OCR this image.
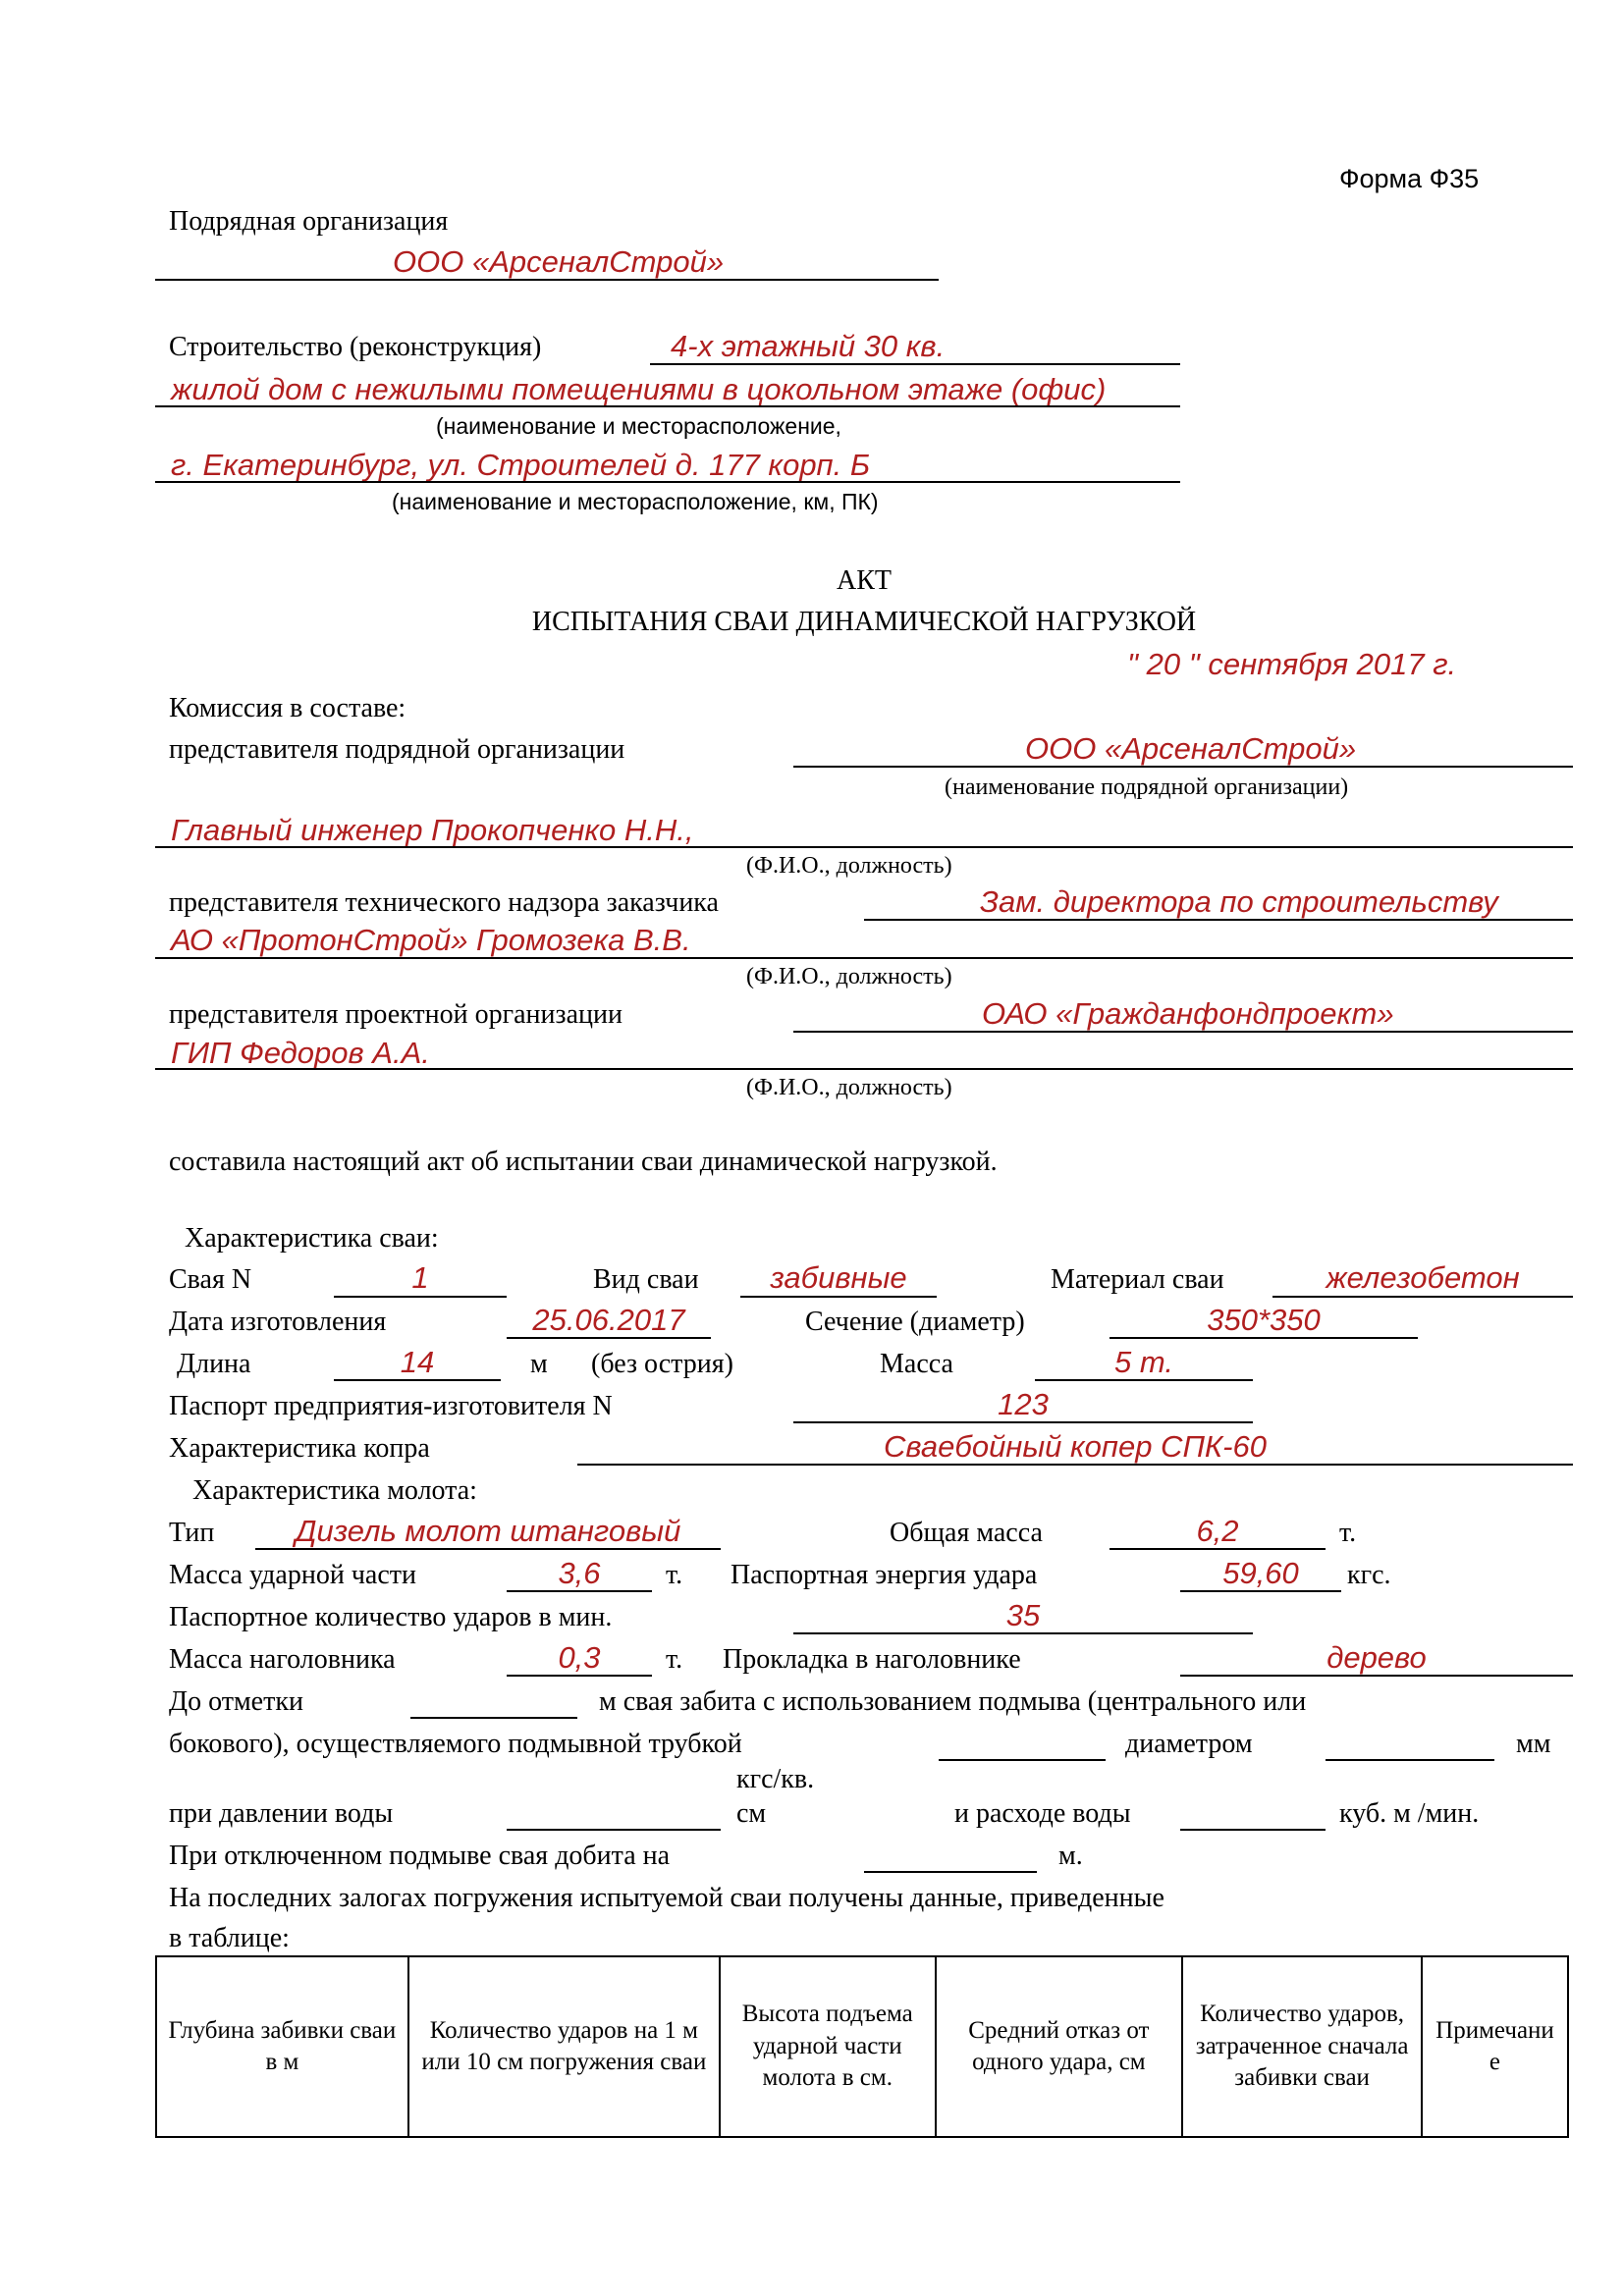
Форма Ф35
Подрядная организация
ООО «АрсеналСтрой»
Строительство (реконструкция)	4-х этажный 30 кв.
жилой дом с нежилыми помещениями в цокольном этаже (офис)
(наименование и месторасположение,
г. Екатеринбург, ул. Строителей д. 177 корп. Б
(наименование и месторасположение, км, ПК)
АКТ
ИСПЫТАНИЯ СВАИ ДИНАМИЧЕСКОЙ НАГРУЗКОЙ
" 20 " сентября 2017 г.
Комиссия в составе:
представителя подрядной организации	ООО «АрсеналСтрой»
(наименование подрядной организации)
Главный инженер Прокопченко Н.Н.,
(Ф.И.О., должность)
представителя технического надзора заказчика	Зам. директора по строительству
АО «ПротонСтрой» Громозека В.В.
(Ф.И.О., должность)
представителя проектной организации	ОАО «Гражданфондпроект»
ГИП Федоров А.А.
(Ф.И.О., должность)
составила настоящий акт об испытании сваи динамической нагрузкой.
Характеристика сваи:
Свая N	1	Вид сваи	забивные	Материал сваи	железобетон
Дата изготовления	25.06.2017	Сечение (диаметр)	350*350
Длина	14	м (без острия)	Масса	5 т.
Паспорт предприятия-изготовителя N	123
Характеристика копра	Сваебойный копер СПК-60
Характеристика молота:
Тип	Дизель молот штанговый	Общая масса	6,2	т.
Масса ударной части	3,6	т. Паспортная энергия удара	59,60	кгс.
Паспортное количество ударов в мин.	35
Масса наголовника	0,3	т. Прокладка в наголовнике	дерево
До отметки	м свая забита с использованием подмыва (центрального или
бокового), осуществляемого подмывной трубкой	диаметром	мм
кгс/кв.
при давлении воды	см	и расходе воды	куб. м /мин.
При отключенном подмыве свая добита на	м.
На последних залогах погружения испытуемой сваи получены данные, приведенные
в таблице:
Глубина забивки сваи в м	Количество ударов на 1 м или 10 см погружения сваи	Высота подъема ударной части молота в см.	Средний отказ от одного удара, см	Количество ударов, затраченное сначала забивки сваи	Примечание
